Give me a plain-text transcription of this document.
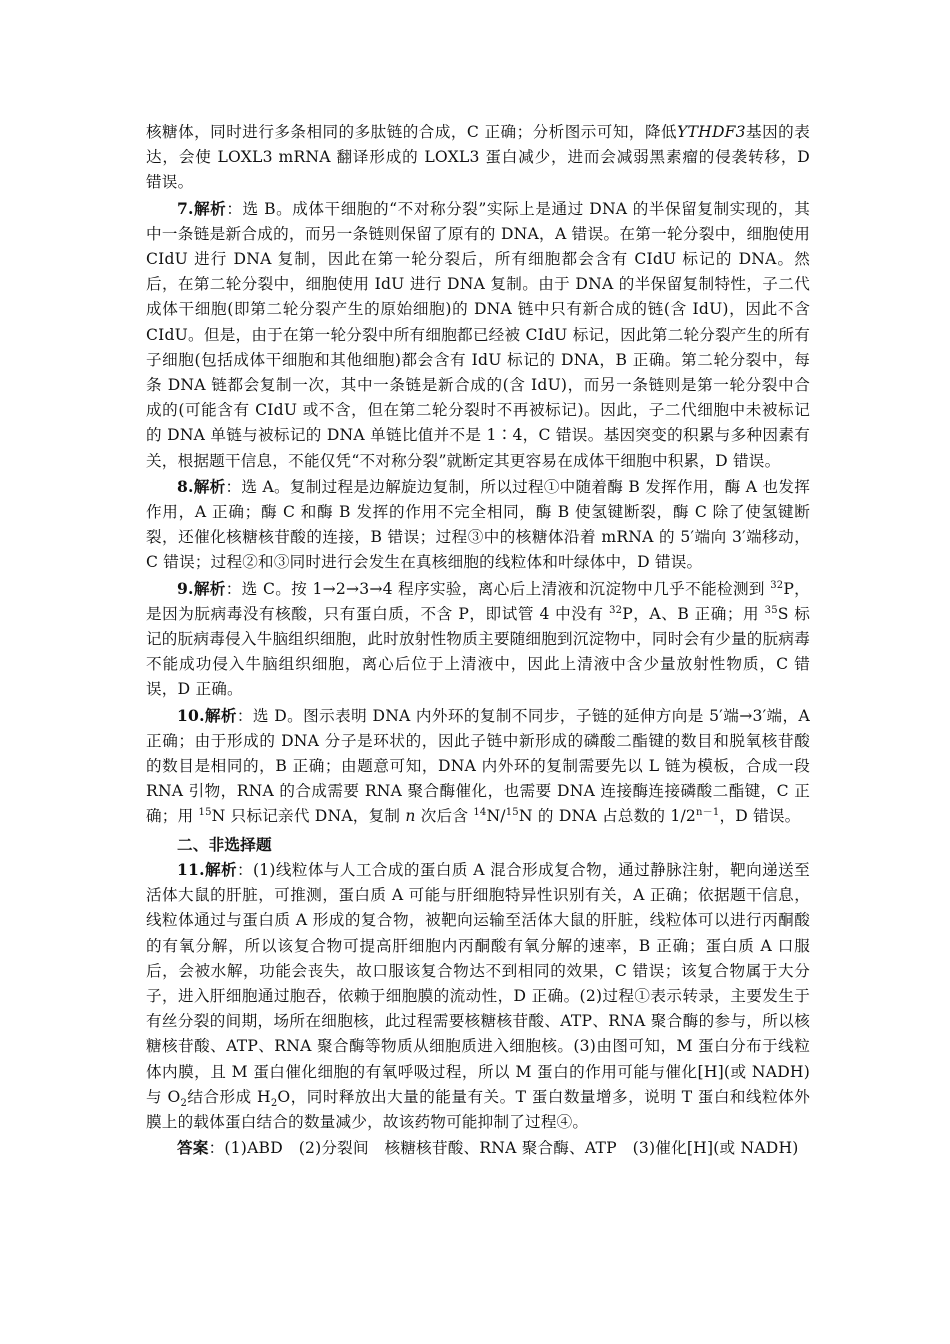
核糖体，同时进行多条相同的多肽链的合成，C 正确；分析图示可知，降低YTHDF3基因的表达，会使 LOXL3 mRNA 翻译形成的 LOXL3 蛋白减少，进而会减弱黑素瘤的侵袭转移，D 错误。

7.解析：选 B。成体干细胞的“不对称分裂”实际上是通过 DNA 的半保留复制实现的，其中一条链是新合成的，而另一条链则保留了原有的 DNA，A 错误。在第一轮分裂中，细胞使用 CIdU 进行 DNA 复制，因此在第一轮分裂后，所有细胞都会含有 CIdU 标记的 DNA。然后，在第二轮分裂中，细胞使用 IdU 进行 DNA 复制。由于 DNA 的半保留复制特性，子二代成体干细胞(即第二轮分裂产生的原始细胞)的 DNA 链中只有新合成的链(含 IdU)，因此不含 CIdU。但是，由于在第一轮分裂中所有细胞都已经被 CIdU 标记，因此第二轮分裂产生的所有子细胞(包括成体干细胞和其他细胞)都会含有 IdU 标记的 DNA，B 正确。第二轮分裂中，每条 DNA 链都会复制一次，其中一条链是新合成的(含 IdU)，而另一条链则是第一轮分裂中合成的(可能含有 CIdU 或不含，但在第二轮分裂时不再被标记)。因此，子二代细胞中未被标记的 DNA 单链与被标记的 DNA 单链比值并不是 1∶4，C 错误。基因突变的积累与多种因素有关，根据题干信息，不能仅凭“不对称分裂”就断定其更容易在成体干细胞中积累，D 错误。

8.解析：选 A。复制过程是边解旋边复制，所以过程①中随着酶 B 发挥作用，酶 A 也发挥作用，A 正确；酶 C 和酶 B 发挥的作用不完全相同，酶 B 使氢键断裂，酶 C 除了使氢键断裂，还催化核糖核苷酸的连接，B 错误；过程③中的核糖体沿着 mRNA 的 5′端向 3′端移动，C 错误；过程②和③同时进行会发生在真核细胞的线粒体和叶绿体中，D 错误。

9.解析：选 C。按 1→2→3→4 程序实验，离心后上清液和沉淀物中几乎不能检测到 $^{32}$P，是因为朊病毒没有核酸，只有蛋白质，不含 P，即试管 4 中没有 $^{32}$P，A、B 正确；用 $^{35}$S 标记的朊病毒侵入牛脑组织细胞，此时放射性物质主要随细胞到沉淀物中，同时会有少量的朊病毒不能成功侵入牛脑组织细胞，离心后位于上清液中，因此上清液中含少量放射性物质，C 错误，D 正确。

10.解析：选 D。图示表明 DNA 内外环的复制不同步，子链的延伸方向是 5′端→3′端，A 正确；由于形成的 DNA 分子是环状的，因此子链中新形成的磷酸二酯键的数目和脱氧核苷酸的数目是相同的，B 正确；由题意可知，DNA 内外环的复制需要先以 L 链为模板，合成一段 RNA 引物，RNA 的合成需要 RNA 聚合酶催化，也需要 DNA 连接酶连接磷酸二酯键，C 正确；用 $^{15}$N 只标记亲代 DNA，复制 n 次后含 $^{14}$N/$^{15}$N 的 DNA 占总数的 $1/2^{n-1}$，D 错误。

二、非选择题

11.解析：(1)线粒体与人工合成的蛋白质 A 混合形成复合物，通过静脉注射，靶向递送至活体大鼠的肝脏，可推测，蛋白质 A 可能与肝细胞特异性识别有关，A 正确；依据题干信息，线粒体通过与蛋白质 A 形成的复合物，被靶向运输至活体大鼠的肝脏，线粒体可以进行丙酮酸的有氧分解，所以该复合物可提高肝细胞内丙酮酸有氧分解的速率，B 正确；蛋白质 A 口服后，会被水解，功能会丧失，故口服该复合物达不到相同的效果，C 错误；该复合物属于大分子，进入肝细胞通过胞吞，依赖于细胞膜的流动性，D 正确。(2)过程①表示转录，主要发生于有丝分裂的间期，场所在细胞核，此过程需要核糖核苷酸、ATP、RNA 聚合酶的参与，所以核糖核苷酸、ATP、RNA 聚合酶等物质从细胞质进入细胞核。(3)由图可知，M 蛋白分布于线粒体内膜，且 M 蛋白催化细胞的有氧呼吸过程，所以 M 蛋白的作用可能与催化[H](或 NADH)与 $O_2$结合形成 $H_2O$，同时释放出大量的能量有关。T 蛋白数量增多，说明 T 蛋白和线粒体外膜上的载体蛋白结合的数量减少，故该药物可能抑制了过程④。

答案：(1)ABD　(2)分裂间　核糖核苷酸、RNA 聚合酶、ATP　(3)催化[H](或 NADH)
